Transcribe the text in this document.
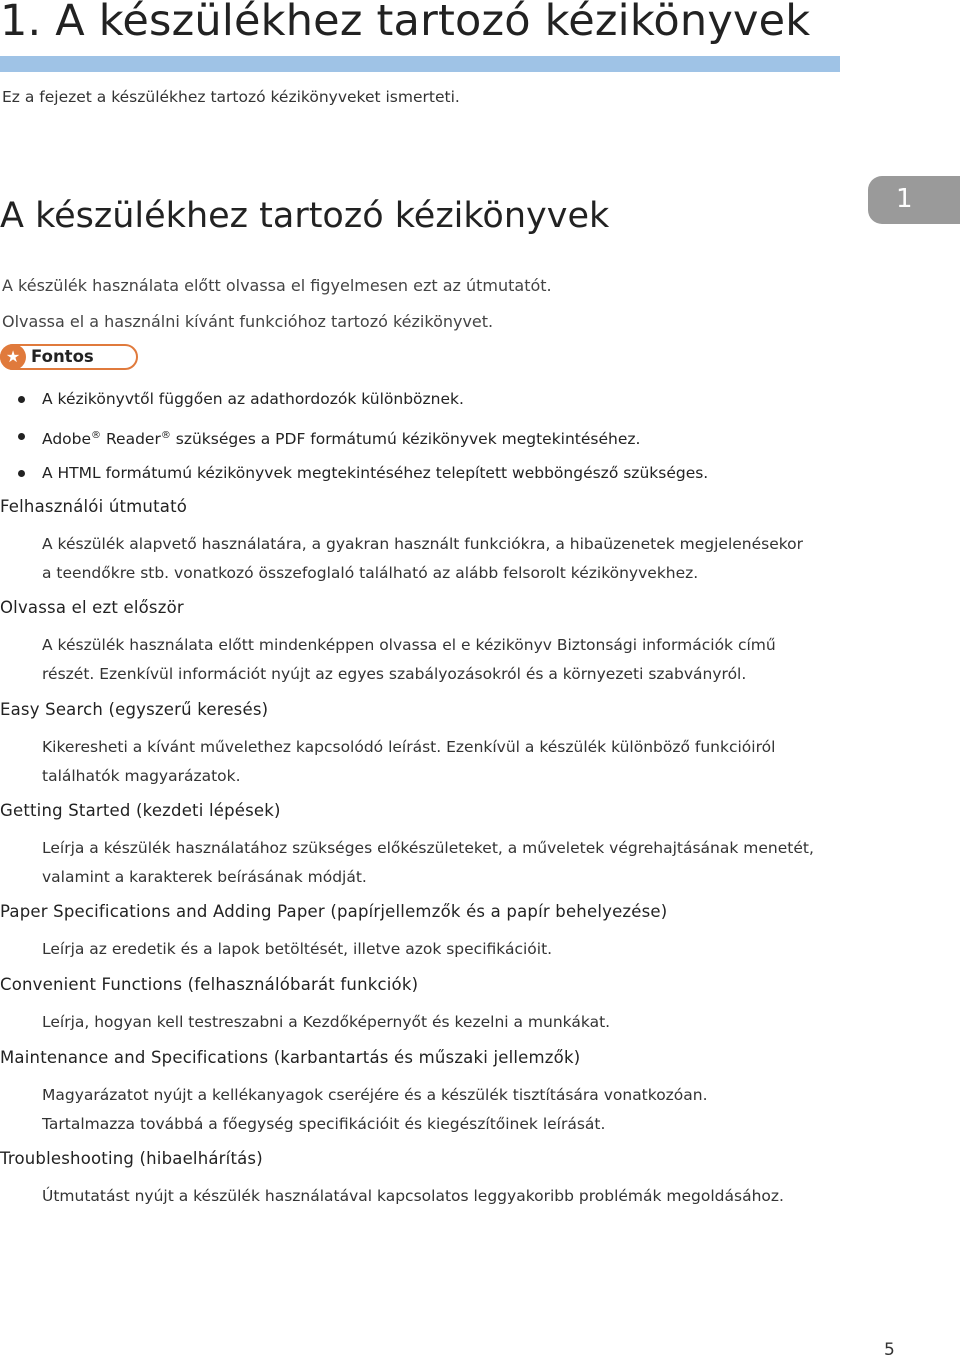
1. A készülékhez tartozó kézikönyvek

Ez a fejezet a készülékhez tartozó kézikönyveket ismerteti.

1
A készülékhez tartozó kézikönyvek

A készülék használata előtt olvassa el figyelmesen ezt az útmutatót.

Olvassa el a használni kívánt funkcióhoz tartozó kézikönyvet.

★ Fontos
A kézikönyvtől függően az adathordozók különböznek.
Adobe® Reader® szükséges a PDF formátumú kézikönyvek megtekintéséhez.
A HTML formátumú kézikönyvek megtekintéséhez telepített webböngésző szükséges.
Felhasználói útmutató

A készülék alapvető használatára, a gyakran használt funkciókra, a hibaüzenetek megjelenésekor
a teendőkre stb. vonatkozó összefoglaló található az alább felsorolt kézikönyvekhez.

Olvassa el ezt először

A készülék használata előtt mindenképpen olvassa el e kézikönyv Biztonsági információk című
részét. Ezenkívül információt nyújt az egyes szabályozásokról és a környezeti szabványról.

Easy Search (egyszerű keresés)

Kikeresheti a kívánt művelethez kapcsolódó leírást. Ezenkívül a készülék különböző funkcióiról
találhatók magyarázatok.

Getting Started (kezdeti lépések)

Leírja a készülék használatához szükséges előkészületeket, a műveletek végrehajtásának menetét,
valamint a karakterek beírásának módját.

Paper Specifications and Adding Paper (papírjellemzők és a papír behelyezése)

Leírja az eredetik és a lapok betöltését, illetve azok specifikációit.

Convenient Functions (felhasználóbarát funkciók)

Leírja, hogyan kell testreszabni a Kezdőképernyőt és kezelni a munkákat.

Maintenance and Specifications (karbantartás és műszaki jellemzők)

Magyarázatot nyújt a kellékanyagok cseréjére és a készülék tisztítására vonatkozóan.
Tartalmazza továbbá a főegység specifikációit és kiegészítőinek leírását.

Troubleshooting (hibaelhárítás)

Útmutatást nyújt a készülék használatával kapcsolatos leggyakoribb problémák megoldásához.

5
